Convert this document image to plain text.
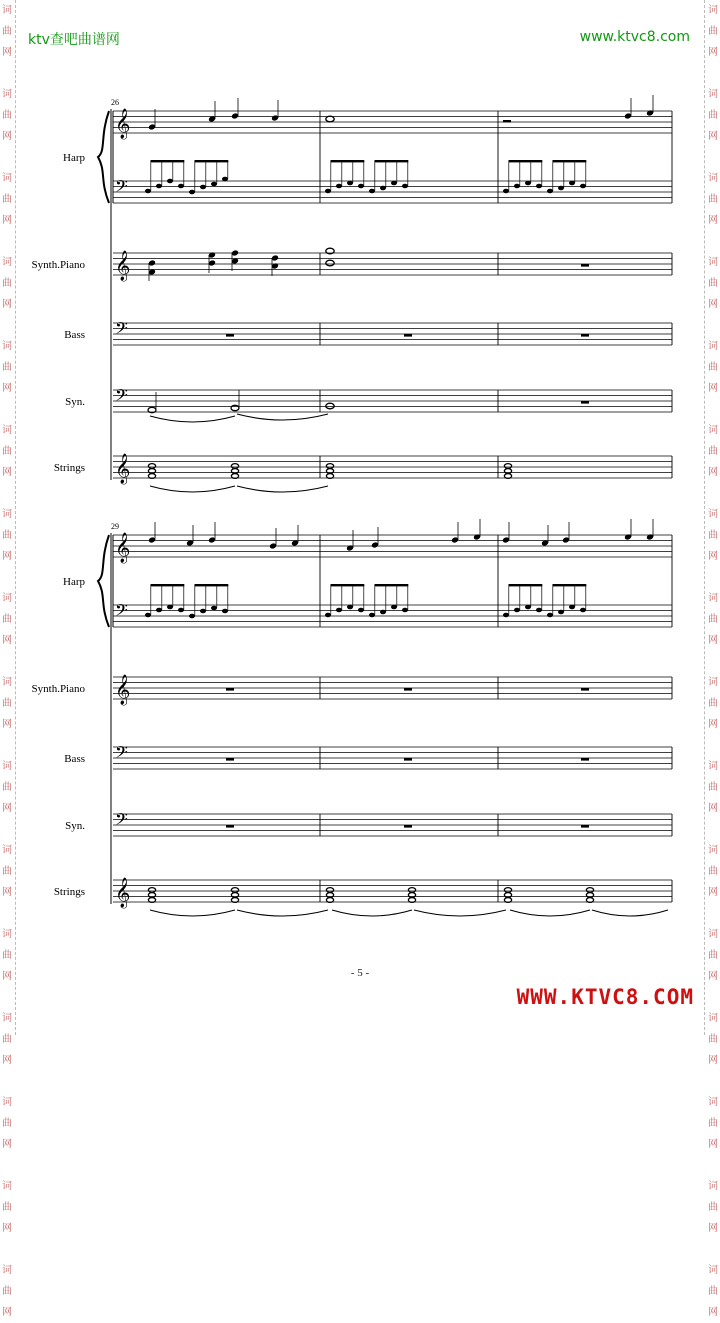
词
曲
网

词
曲
网

词
曲
网

词
曲
网

词
曲
网

词
曲
网

词
曲
网

词
曲
网

词
曲
网

词
曲
网

词
曲
网

词
曲
网

词
曲
网

词
曲
网

词
曲
网

词
曲
网

词
曲
网

词
曲
网

词
曲
网

词
曲
网

词
曲
网

词
曲
网

词
曲
网

词
曲
网

词
曲
网

词
曲
网

词
曲
网

词
曲
网

词
曲
网

词
曲
网

词
曲
网

词
曲
网

ktv查吧曲谱网	www.ktvc8.com
26
𝄞
𝄢
𝄞
𝄢
𝄢
𝄞
Harp
Synth.Piano
Bass
Syn.
Strings
29
𝄞
𝄢
𝄞
𝄢
𝄢
𝄞
Harp
Synth.Piano
Bass
Syn.
Strings
- 5 -
WWW.KTVC8.COM
